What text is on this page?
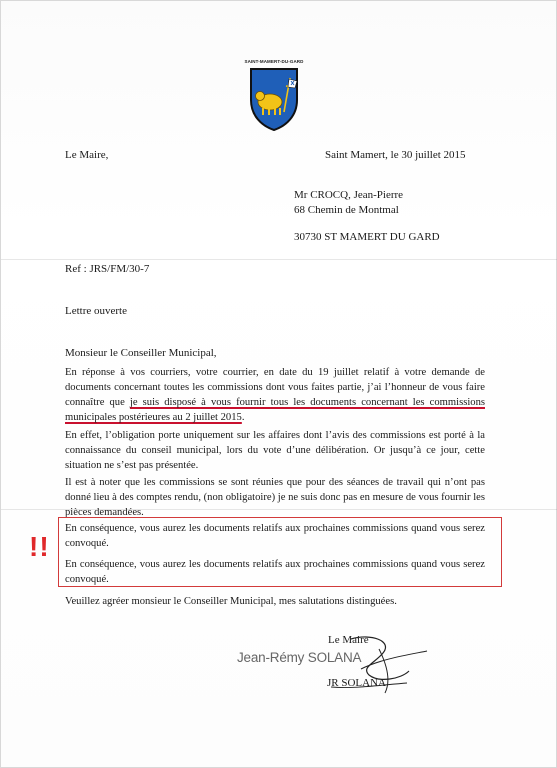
SAINT-MAMERT-DU-GARD
Le Maire,	Saint Mamert, le 30 juillet 2015
Mr CROCQ, Jean-Pierre
68 Chemin de Montmal
30730 ST MAMERT DU GARD
Ref : JRS/FM/30-7
Lettre ouverte
Monsieur le Conseiller Municipal,
En réponse à vos courriers, votre courrier, en date du 19 juillet relatif à votre demande de documents concernant toutes les commissions dont vous faites partie, j’ai l’honneur de vous faire connaître que je suis disposé à vous fournir tous les documents concernant les commissions municipales postérieures au 2 juillet 2015.
En effet, l’obligation porte uniquement sur les affaires dont l’avis des commissions est porté à la connaissance du conseil municipal, lors du vote d’une délibération. Or jusqu’à ce jour, cette situation ne s’est pas présentée.
Il est à noter que les commissions se sont réunies que pour des séances de travail qui n’ont pas donné lieu à des comptes rendu, (non obligatoire) je ne suis donc pas en mesure de vous fournir les pièces demandées.
!!
En conséquence, vous aurez les documents relatifs aux prochaines commissions quand vous serez convoqué.
En conséquence, vous aurez les documents relatifs aux prochaines commissions quand vous serez convoqué.
Veuillez agréer monsieur le Conseiller Municipal, mes salutations distinguées.
Le Maire
Jean-Rémy SOLANA
JR SOLANA
